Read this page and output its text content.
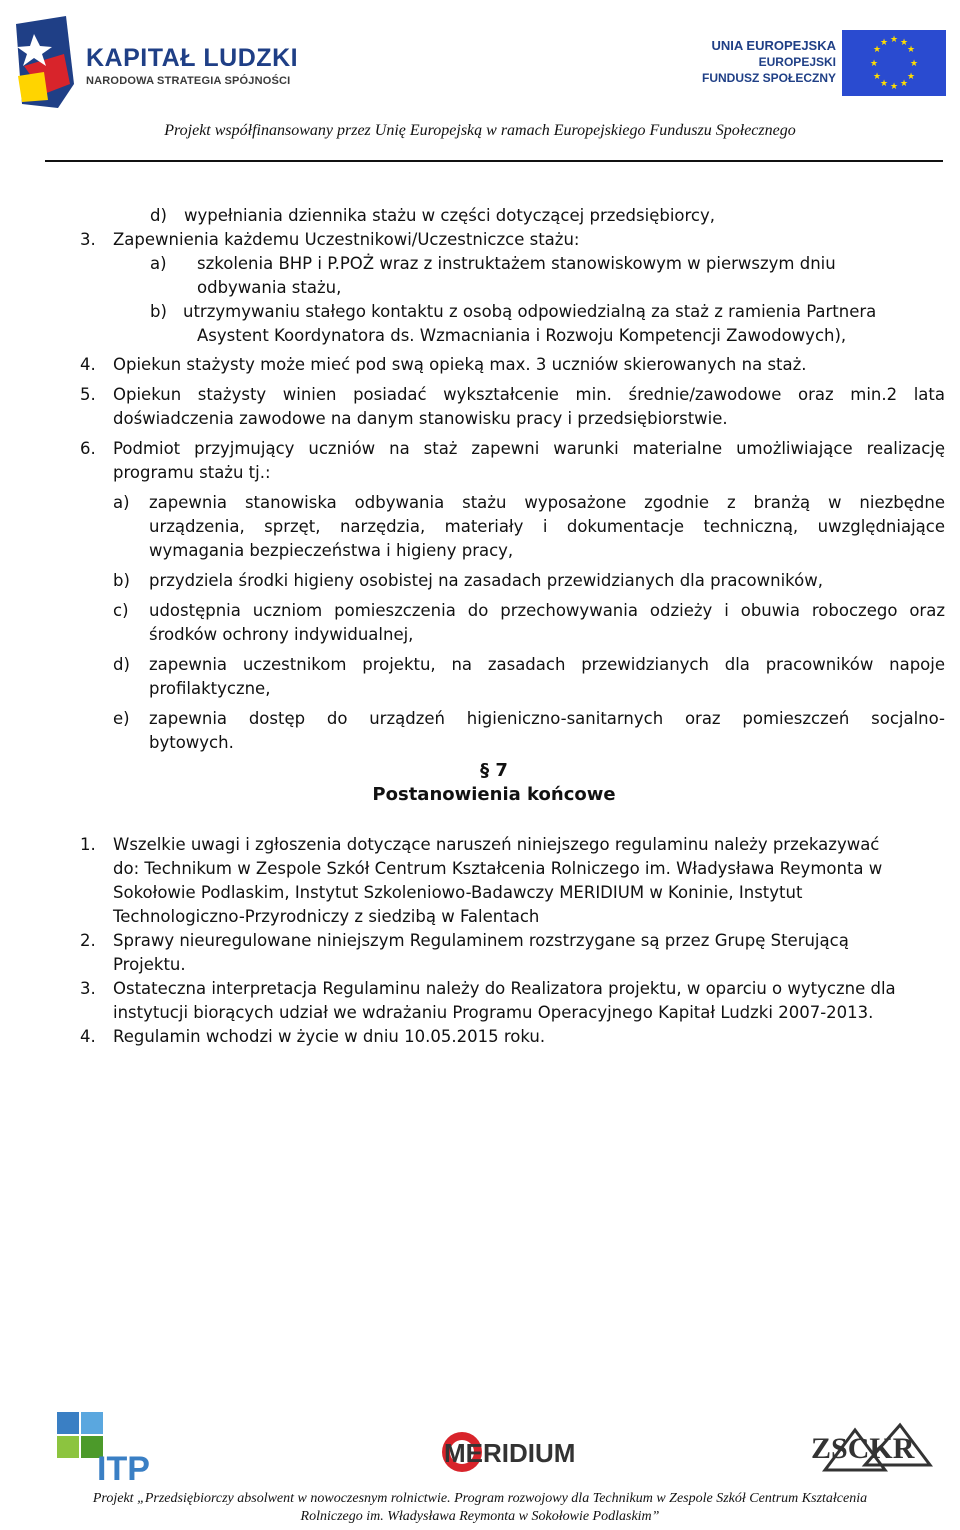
KAPITAŁ LUDZKI
NARODOWA STRATEGIA SPÓJNOŚCI
UNIA EUROPEJSKA
EUROPEJSKI
FUNDUSZ SPOŁECZNY
★ ★
★
★
★
★
★
★
★
★
★
★
Projekt współfinansowany przez Unię Europejską w ramach Europejskiego Funduszu Społecznego
d) wypełniania dziennika stażu w części dotyczącej przedsiębiorcy,
3. Zapewnienia każdemu Uczestnikowi/Uczestniczce stażu:
a) szkolenia BHP i P.POŻ wraz z instruktażem stanowiskowym w pierwszym dniu
odbywania stażu,
b) utrzymywaniu stałego kontaktu z osobą odpowiedzialną za staż z ramienia Partnera
Asystent Koordynatora ds. Wzmacniania i Rozwoju Kompetencji Zawodowych),
4. Opiekun stażysty może mieć pod swą opieką max. 3 uczniów skierowanych na staż.
5. Opiekun stażysty winien posiadać wykształcenie min. średnie/zawodowe oraz min.2 lata
doświadczenia zawodowe na danym stanowisku pracy i przedsiębiorstwie.
6. Podmiot przyjmujący uczniów na staż zapewni warunki materialne umożliwiające realizację
programu stażu tj.:
a) zapewnia stanowiska odbywania stażu wyposażone zgodnie z branżą w niezbędne
urządzenia, sprzęt, narzędzia, materiały i dokumentacje techniczną, uwzględniające
wymagania bezpieczeństwa i higieny pracy,
b) przydziela środki higieny osobistej na zasadach przewidzianych dla pracowników,
c) udostępnia uczniom pomieszczenia do przechowywania odzieży i obuwia roboczego oraz
środków ochrony indywidualnej,
d) zapewnia uczestnikom projektu, na zasadach przewidzianych dla pracowników napoje
profilaktyczne,
e) zapewnia dostęp do urządzeń higieniczno-sanitarnych oraz pomieszczeń socjalno-
bytowych.
§ 7
Postanowienia końcowe
1. Wszelkie uwagi i zgłoszenia dotyczące naruszeń niniejszego regulaminu należy przekazywać
do: Technikum w Zespole Szkół Centrum Kształcenia Rolniczego im. Władysława Reymonta w
Sokołowie Podlaskim, Instytut Szkoleniowo-Badawczy MERIDIUM w Koninie, Instytut
Technologiczno-Przyrodniczy z siedzibą w Falentach
2. Sprawy nieuregulowane niniejszym Regulaminem rozstrzygane są przez Grupę Sterującą
Projektu.
3. Ostateczna interpretacja Regulaminu należy do Realizatora projektu, w oparciu o wytyczne dla
instytucji biorących udział we wdrażaniu Programu Operacyjnego Kapitał Ludzki 2007-2013.
4. Regulamin wchodzi w życie w dniu 10.05.2015 roku.
ITP	MERIDIUM	ZSCKR
Projekt „Przedsiębiorczy absolwent w nowoczesnym rolnictwie. Program rozwojowy dla Technikum w Zespole Szkół Centrum Kształcenia
Rolniczego im. Władysława Reymonta w Sokołowie Podlaskim”
